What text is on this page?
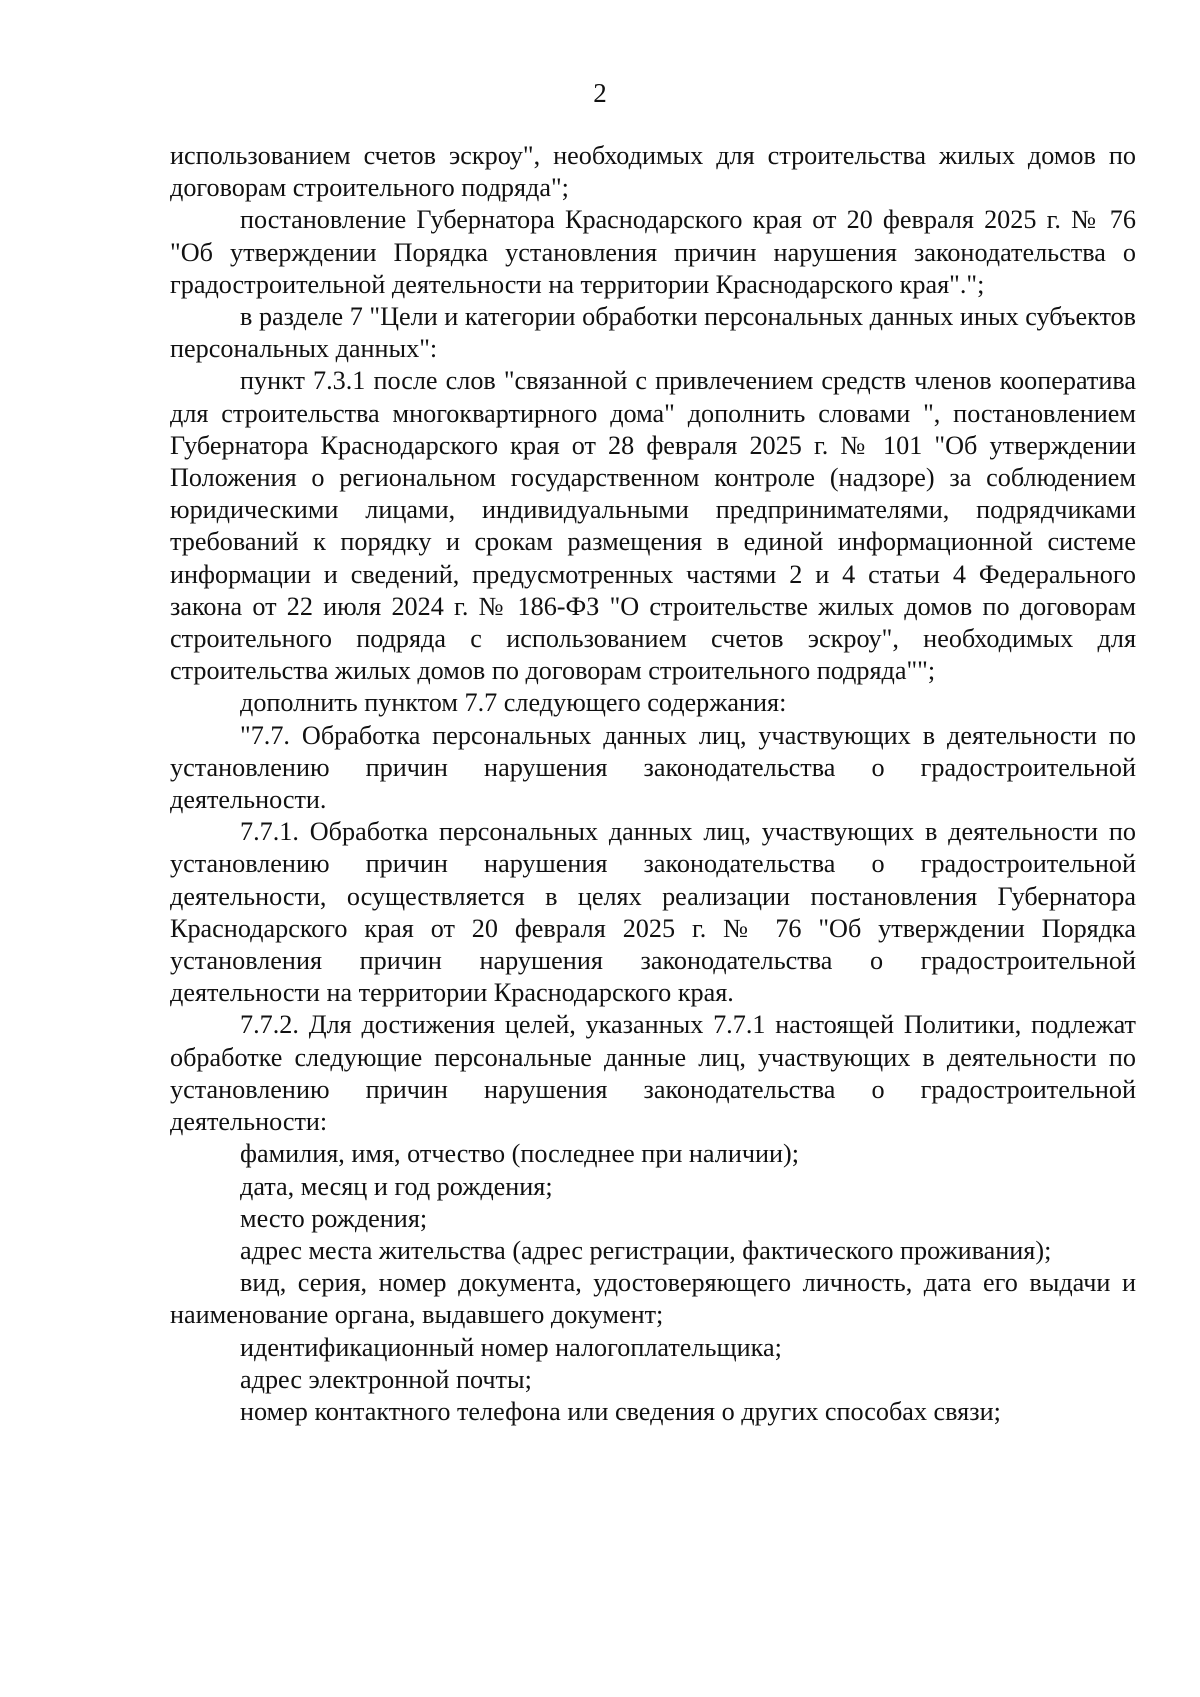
2

использованием счетов эскроу", необходимых для строительства жилых домов по договорам строительного подряда";

постановление Губернатора Краснодарского края от 20 февраля 2025 г. № 76 "Об утверждении Порядка установления причин нарушения законодательства о градостроительной деятельности на территории Краснодарского края".";

в разделе 7 "Цели и категории обработки персональных данных иных субъектов персональных данных":

пункт 7.3.1 после слов "связанной с привлечением средств членов кооператива для строительства многоквартирного дома" дополнить словами ", постановлением Губернатора Краснодарского края от 28 февраля 2025 г. № 101 "Об утверждении Положения о региональном государственном контроле (надзоре) за соблюдением юридическими лицами, индивидуальными предпринимателями, подрядчиками требований к порядку и срокам размещения в единой информационной системе информации и сведений, предусмотренных частями 2 и 4 статьи 4 Федерального закона от 22 июля 2024 г. № 186-ФЗ "О строительстве жилых домов по договорам строительного подряда с использованием счетов эскроу", необходимых для строительства жилых домов по договорам строительного подряда"";

дополнить пунктом 7.7 следующего содержания:

"7.7. Обработка персональных данных лиц, участвующих в деятельности по установлению причин нарушения законодательства о градостроительной деятельности.

7.7.1. Обработка персональных данных лиц, участвующих в деятельности по установлению причин нарушения законодательства о градостроительной деятельности, осуществляется в целях реализации постановления Губернатора Краснодарского края от 20 февраля 2025 г. № 76 "Об утверждении Порядка установления причин нарушения законодательства о градостроительной деятельности на территории Краснодарского края.

7.7.2. Для достижения целей, указанных 7.7.1 настоящей Политики, подлежат обработке следующие персональные данные лиц, участвующих в деятельности по установлению причин нарушения законодательства о градостроительной деятельности:

фамилия, имя, отчество (последнее при наличии);

дата, месяц и год рождения;

место рождения;

адрес места жительства (адрес регистрации, фактического проживания);

вид, серия, номер документа, удостоверяющего личность, дата его выдачи и наименование органа, выдавшего документ;

идентификационный номер налогоплательщика;

адрес электронной почты;

номер контактного телефона или сведения о других способах связи;
